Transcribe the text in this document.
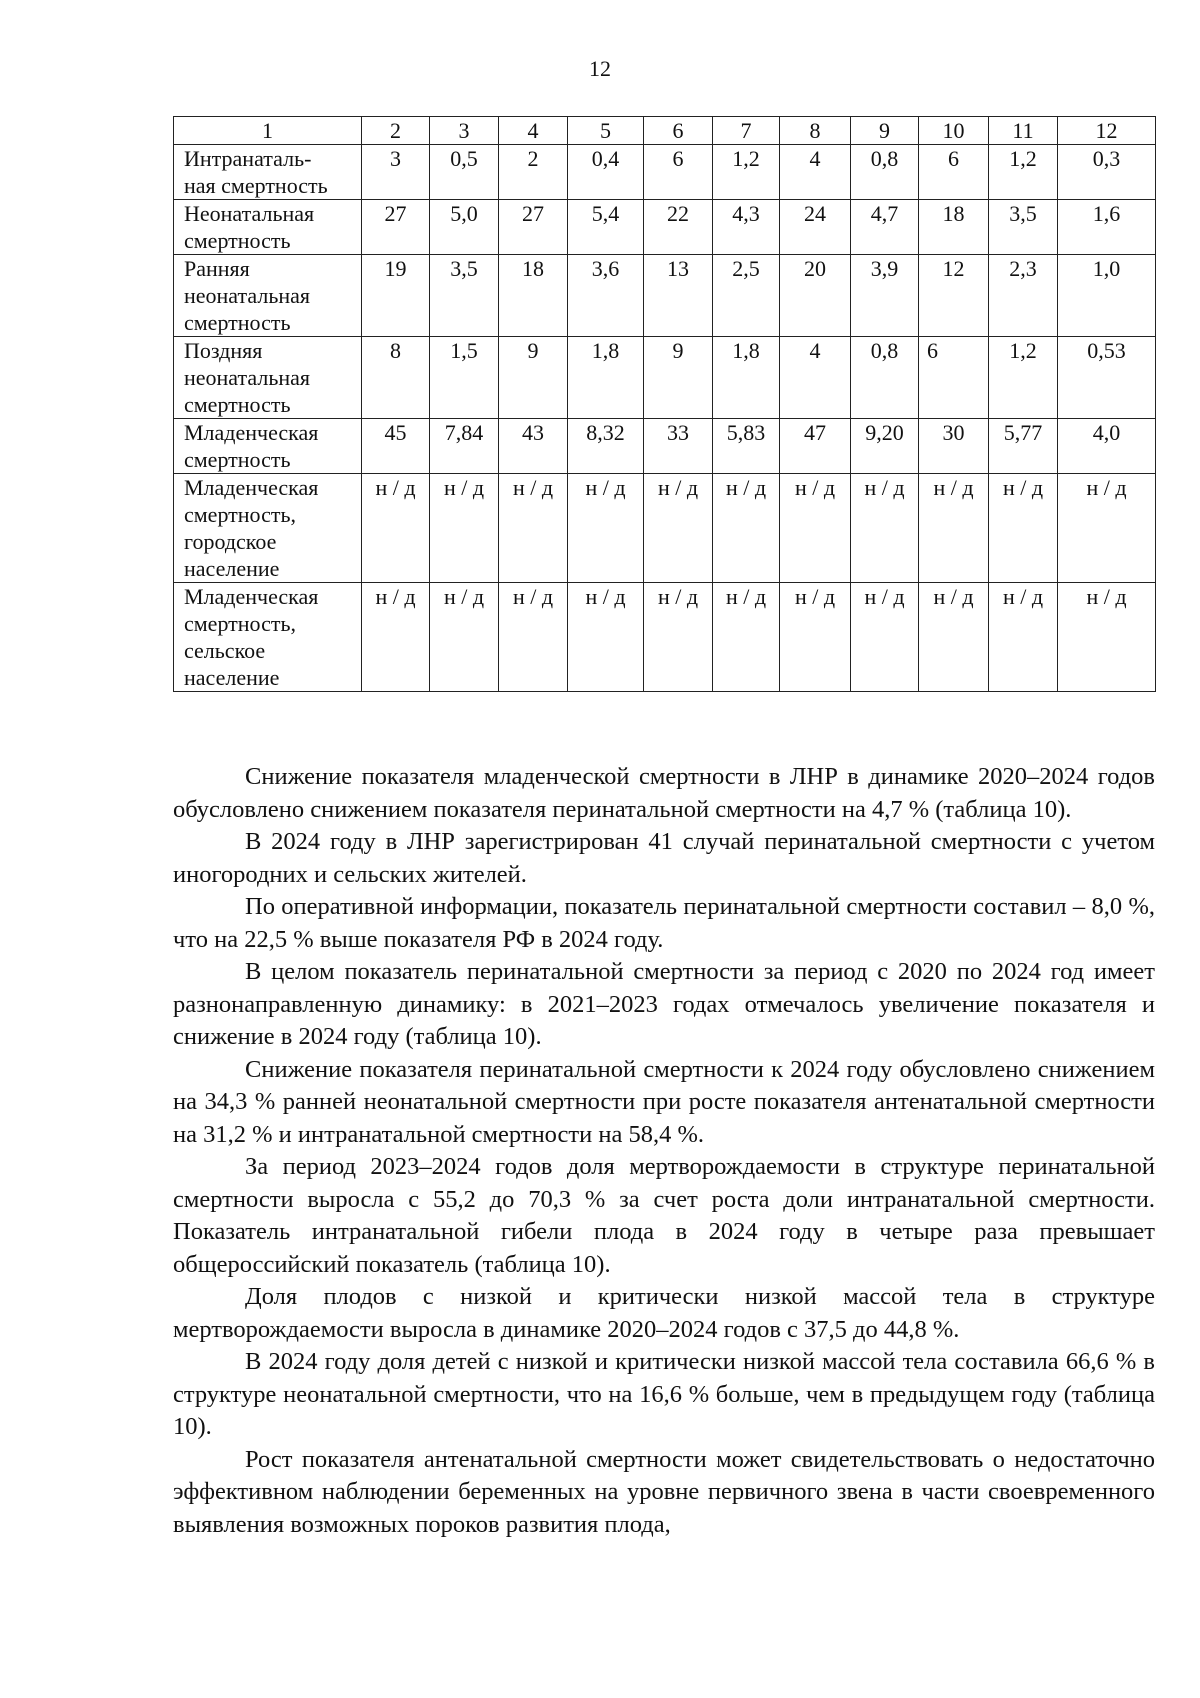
12
1	2	3	4	5	6	7	8	9	10	11	12
Интранаталь-
ная смертность	3	0,5	2	0,4	6	1,2	4	0,8	6	1,2	0,3
Неонатальная
смертность	27	5,0	27	5,4	22	4,3	24	4,7	18	3,5	1,6
Ранняя
неонатальная
смертность	19	3,5	18	3,6	13	2,5	20	3,9	12	2,3	1,0
Поздняя
неонатальная
смертность	8	1,5	9	1,8	9	1,8	4	0,8	6	1,2	0,53
Младенческая
смертность	45	7,84	43	8,32	33	5,83	47	9,20	30	5,77	4,0
Младенческая
смертность,
городское
население	н / д	н / д	н / д	н / д	н / д	н / д	н / д	н / д	н / д	н / д	н / д
Младенческая
смертность,
сельское
население	н / д	н / д	н / д	н / д	н / д	н / д	н / д	н / д	н / д	н / д	н / д

Снижение показателя младенческой смертности в ЛНР в динамике 2020–2024 годов обусловлено снижением показателя перинатальной смертности на 4,7 % (таблица 10).

В 2024 году в ЛНР зарегистрирован 41 случай перинатальной смертности с учетом иногородних и сельских жителей.

По оперативной информации, показатель перинатальной смертности составил – 8,0 %, что на 22,5 % выше показателя РФ в 2024 году.

В целом показатель перинатальной смертности за период с 2020 по 2024 год имеет разнонаправленную динамику: в 2021–2023 годах отмечалось увеличение показателя и снижение в 2024 году (таблица 10).

Снижение показателя перинатальной смертности к 2024 году обусловлено снижением на 34,3 % ранней неонатальной смертности при росте показателя антенатальной смертности на 31,2 % и интранатальной смертности на 58,4 %.

За период 2023–2024 годов доля мертворождаемости в структуре перинатальной смертности выросла с 55,2 до 70,3 % за счет роста доли интранатальной смертности. Показатель интранатальной гибели плода в 2024 году в четыре раза превышает общероссийский показатель (таблица 10).

Доля плодов с низкой и критически низкой массой тела в структуре мертворождаемости выросла в динамике 2020–2024 годов с 37,5 до 44,8 %.

В 2024 году доля детей с низкой и критически низкой массой тела составила 66,6 % в структуре неонатальной смертности, что на 16,6 % больше, чем в предыдущем году (таблица 10).

Рост показателя антенатальной смертности может свидетельствовать о недостаточно эффективном наблюдении беременных на уровне первичного звена в части своевременного выявления возможных пороков развития плода,
